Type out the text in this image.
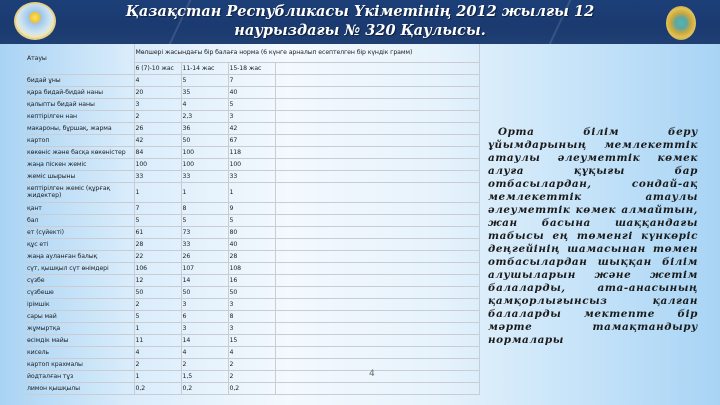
Қазақстан Республикасы Үкіметінің 2012 жылғы 12 наурыздағы № 320 Қаулысы.
Атауы	Мөлшері жасындағы бір балаға норма (6 күнге арналып есептелген бір күндік грамм)			
	6 (7)-10 жас	11-14 жас	15-18 жас	
бидай ұны	4	5	7	
қара бидай-бидай наны	20	35	40	
қалыпты бидай наны	3	4	5	
кептірілген нан	2	2,3	3	
макароны, бұршақ, жарма	26	36	42	
картоп	42	50	67	
көкөніс және басқа көкөністер	84	100	118	
жаңа піскен жеміс	100	100	100	
жеміс шырыны	33	33	33	
кептірілген жеміс (құрғақ жидектер)	1	1	1	
қант	7	8	9	
бал	5	5	5	
ет (сүйекті)	61	73	80	
құс еті	28	33	40	
жаңа ауланған балық	22	26	28	
сүт, қышқыл сүт өнімдері	106	107	108	
сүзбе	12	14	16	
сүзбеше	50	50	50	
ірімшік	2	3	3	
сары май	5	6	8	
жұмыртқа	1	3	3	
өсімдік майы	11	14	15	
кисель	4	4	4	
картоп крахмалы	2	2	2	
йодталған тұз	1	1,5	2	
лимон қышқылы	0,2	0,2	0,2	
Орта білім беру ұйымдарының мемлекеттік атаулы әлеуметтік көмек алуға құқығы бар отбасылардан, сондай-ақ мемлекеттік атаулы әлеуметтік көмек алмайтын, жан басына шаққандағы табысы ең төменгі күнкөріс деңгейінің шамасынан төмен отбасылардан шыққан білім алушыларын және жетім балаларды, ата-анасының қамқорлығынсыз қалған балаларды мектепте бір мәрте тамақтандыру нормалары
4
